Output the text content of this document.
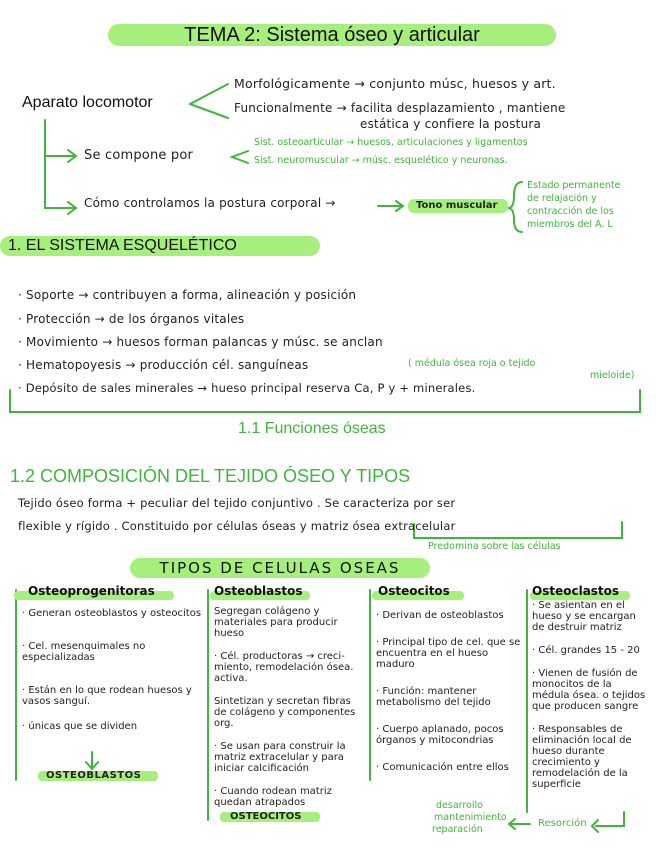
TEMA 2: Sistema óseo y articular
Aparato locomotor
Morfológicamente → conjunto músc, huesos y art.
Funcionalmente → facilita desplazamiento , mantiene
estática y confiere la postura
Se compone por
Sist. osteoarticular → huesos, articulaciones y ligamentos
Sist. neuromuscular → músc. esquelético y neuronas.
Cómo controlamos la postura corporal →	Tono muscular
Estado permanente
de relajación y
contracción de los
miembros del A. L
1. EL SISTEMA ESQUELÉTICO
· Soporte → contribuyen a forma, alineación y posición
· Protección → de los órganos vitales
· Movimiento → huesos forman palancas y músc. se anclan
· Hematopoyesis → producción cél. sanguíneas	( médula ósea roja o tejido
mieloide)
· Depósito de sales minerales → hueso principal reserva Ca, P y + minerales.
1.1 Funciones óseas
1.2 COMPOSICIÓN DEL TEJIDO ÓSEO Y TIPOS
Tejido óseo forma + peculiar del tejido conjuntivo . Se caracteriza por ser
flexible y rígido . Constituido por células óseas y matriz ósea extracelular
Predomina sobre las células
TIPOS DE CELULAS OSEAS
Osteoprogenitoras	Osteoblastos	Osteocitos	Osteoclastos
· Generan osteoblastos y osteocitos
· Cel. mesenquimales no especializadas
· Están en lo que rodean huesos y vasos sanguí.
· únicas que se dividen
OSTEOBLASTOS
Segregan colágeno y materiales para producir hueso
· Cél. productoras → creci-miento, remodelación ósea. activa.
Sintetizan y secretan fibras de colágeno y componentes org.
· Se usan para construir la matriz extracelular y para iniciar calcificación
· Cuando rodean matriz quedan atrapados
OSTEOCITOS
· Derivan de osteoblastos
· Principal tipo de cel. que se encuentra en el hueso maduro
· Función: mantener metabolismo del tejido
· Cuerpo aplanado, pocos órganos y mitocondrias
· Comunicación entre ellos
· Se asientan en el hueso y se encargan de destruir matriz
· Cél. grandes 15 - 20
· Vienen de fusión de monocitos de la médula ósea. o tejidos que producen sangre
· Responsables de eliminación local de hueso durante crecimiento y remodelación de la superficie
desarrollo
mantenimiento
reparación
Resorción
